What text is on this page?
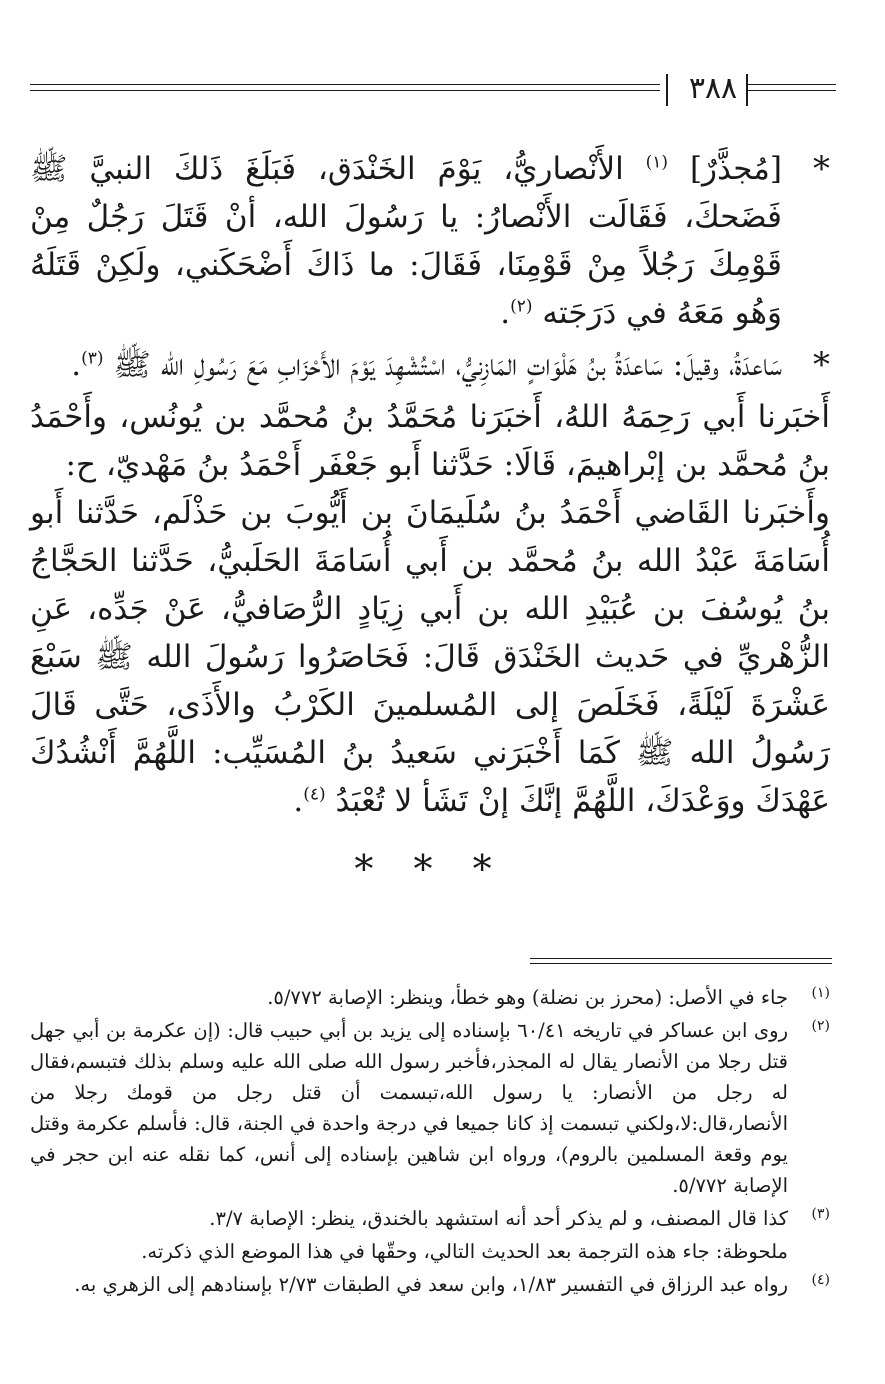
٣٨٨

*
[مُجذَّرٌ] $^{(١)}$ الأَنْصاريُّ، يَوْمَ الخَنْدَق، فَبَلَغَ ذَلكَ النبيَّ ﷺ فَضَحكَ، فَقَالَت الأَنْصارُ: يا رَسُولَ الله، أنْ قَتَلَ رَجُلٌ مِنْ قَوْمِكَ رَجُلاً مِنْ قَوْمِنَا، فَقَالَ: ما ذَاكَ أَضْحَكَني، ولَكِنْ قَتَلَهُ وَهُو مَعَهُ في دَرَجَته $^{(٢)}$.

*
سَاعدَةُ، وقيلَ: سَاعدَةُ بنُ هَلْوَاتٍ المَازِنيُّ، اسْتُشْهِدَ يَوْمَ الأَحْزَابِ مَعَ رَسُولِ الله ﷺ $^{(٣)}$.

أَخبَرنا أَبي رَحِمَهُ اللهُ، أَخبَرَنا مُحَمَّدُ بنُ مُحمَّد بن يُونُس، وأَحْمَدُ بنُ مُحمَّد بن إبْراهيمَ، قَالَا: حَدَّثنا أَبو جَعْفَر أَحْمَدُ بنُ مَهْديّ، ح:

وأَخبَرنا القَاضي أَحْمَدُ بنُ سُلَيمَانَ بن أَيُّوبَ بن حَذْلَم، حَدَّثنا أَبو أُسَامَةَ عَبْدُ الله بنُ مُحمَّد بن أَبي أُسَامَةَ الحَلَبيُّ، حَدَّثنا الحَجَّاجُ بنُ يُوسُفَ بن عُبَيْدِ الله بن أَبي زِيَادٍ الرُّصَافيُّ، عَنْ جَدِّه، عَنِ الزُّهْريِّ في حَديث الخَنْدَق قَالَ: فَحَاصَرُوا رَسُولَ الله ﷺ سَبْعَ عَشْرَةَ لَيْلَةً، فَخَلَصَ إلى المُسلمينَ الكَرْبُ والأَذَى، حَتَّى قَالَ رَسُولُ الله ﷺ كَمَا أَخْبَرَني سَعيدُ بنُ المُسَيِّب: اللَّهُمَّ أَنْشُدُكَ عَهْدَكَ ووَعْدَكَ، اللَّهُمَّ إنَّكَ إنْ تَشَأ لا تُعْبَدُ $^{(٤)}$.

* * *

(١)
جاء في الأصل: (محرز بن نضلة) وهو خطأ، وينظر: الإصابة ٥/٧٧٢.

(٢)
روى ابن عساكر في تاريخه ٦٠/٤١ بإسناده إلى يزيد بن أبي حبيب قال: (إن عكرمة بن أبي جهل قتل رجلا من الأنصار يقال له المجذر،فأخبر رسول الله صلى الله عليه وسلم بذلك فتبسم،فقال له رجل من الأنصار: يا رسول الله،تبسمت أن قتل رجل من قومك رجلا من الأنصار،قال:لا،ولكني تبسمت إذ كانا جميعا في درجة واحدة في الجنة، قال: فأسلم عكرمة وقتل يوم وقعة المسلمين بالروم)، ورواه ابن شاهين بإسناده إلى أنس، كما نقله عنه ابن حجر في الإصابة ٥/٧٧٢.

(٣)
كذا قال المصنف، و لم يذكر أحد أنه استشهد بالخندق، ينظر: الإصابة ٣/٧.

ملحوظة: جاء هذه الترجمة بعد الحديث التالي، وحقّها في هذا الموضع الذي ذكرته.

(٤)
رواه عبد الرزاق في التفسير ١/٨٣، وابن سعد في الطبقات ٢/٧٣ بإسنادهم إلى الزهري به.
